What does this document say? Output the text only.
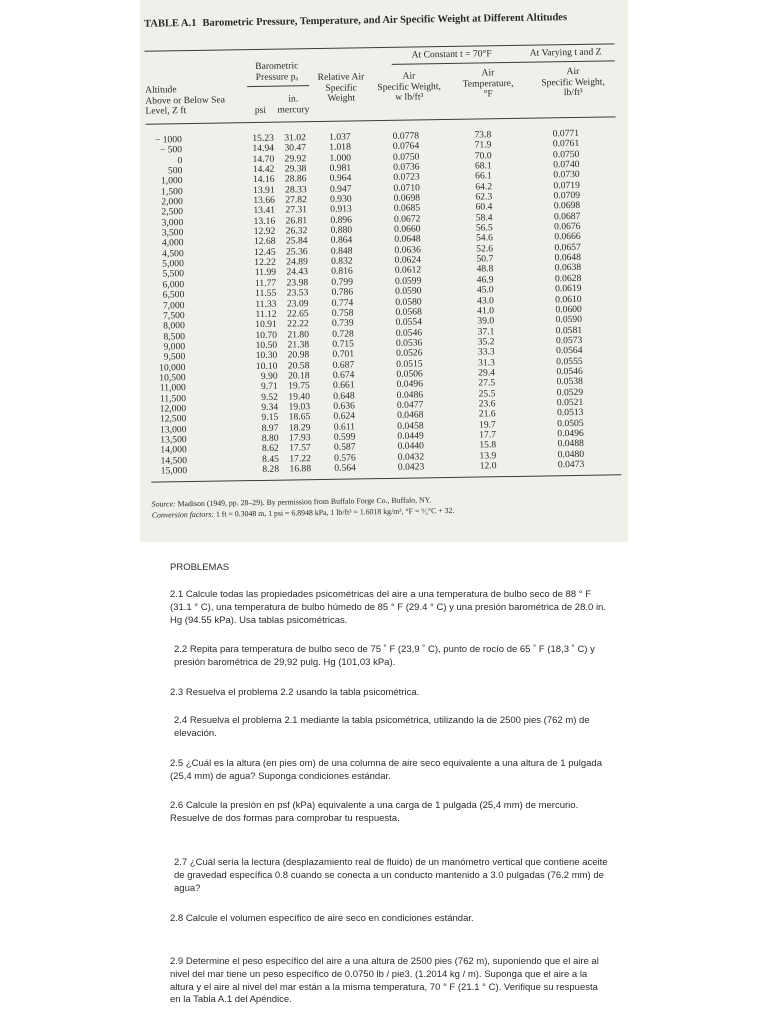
TABLE A.1 Barometric Pressure, Temperature, and Air Specific Weight at Different Altitudes
At Constant t = 70°F	At Varying t and Z
Barometric
Pressure pₐ
psi
in.
mercury
Altitude
Above or Below Sea
Level, Z ft
Relative Air
Specific
Weight
Air
Specific Weight,
w lb/ft³
Air
Temperature,
°F
Air
Specific Weight,
lb/ft³
− 1000
− 500
0
500
1,000
1,500
2,000
2,500
3,000
3,500
4,000
4,500
5,000
5,500
6,000
6,500
7,000
7,500
8,000
8,500
9,000
9,500
10,000
10,500
11,000
11,500
12,000
12,500
13,000
13,500
14,000
14,500
15,000
15.23
14.94
14.70
14.42
14.16
13.91
13.66
13.41
13.16
12.92
12.68
12.45
12.22
11.99
11.77
11.55
11.33
11.12
10.91
10.70
10.50
10.30
10.10
9.90
9.71
9.52
9.34
9.15
8.97
8.80
8.62
8.45
8.28
31.02
30.47
29.92
29.38
28.86
28.33
27.82
27.31
26.81
26.32
25.84
25.36
24.89
24.43
23.98
23.53
23.09
22.65
22.22
21.80
21.38
20.98
20.58
20.18
19.75
19.40
19.03
18.65
18.29
17.93
17.57
17.22
16.88
1.037
1.018
1.000
0.981
0.964
0.947
0.930
0.913
0.896
0.880
0.864
0.848
0.832
0.816
0.799
0.786
0.774
0.758
0.739
0.728
0.715
0.701
0.687
0.674
0.661
0.648
0.636
0.624
0.611
0.599
0.587
0.576
0.564
0.0778
0.0764
0.0750
0.0736
0.0723
0.0710
0.0698
0.0685
0.0672
0.0660
0.0648
0.0636
0.0624
0.0612
0.0599
0.0590
0.0580
0.0568
0.0554
0.0546
0.0536
0.0526
0.0515
0.0506
0.0496
0.0486
0.0477
0.0468
0.0458
0.0449
0.0440
0.0432
0.0423
73.8
71.9
70.0
68.1
66.1
64.2
62.3
60.4
58.4
56.5
54.6
52.6
50.7
48.8
46.9
45.0
43.0
41.0
39.0
37.1
35.2
33.3
31.3
29.4
27.5
25.5
23.6
21.6
19.7
17.7
15.8
13.9
12.0
0.0771
0.0761
0.0750
0.0740
0.0730
0.0719
0.0709
0.0698
0.0687
0.0676
0.0666
0.0657
0.0648
0.0638
0.0628
0.0619
0.0610
0.0600
0.0590
0.0581
0.0573
0.0564
0.0555
0.0546
0.0538
0.0529
0.0521
0.0513
0.0505
0.0496
0.0488
0.0480
0.0473
Source: Madison (1949, pp. 28–29). By permission from Buffalo Forge Co., Buffalo, NY.
Conversion factors: 1 ft = 0.3048 m, 1 psi = 6.8948 kPa, 1 lb/ft³ = 1.6018 kg/m³, °F = ⁹⁄₅°C + 32.
PROBLEMAS
2.1 Calcule todas las propiedades psicométricas del aire a una temperatura de bulbo seco de 88 ° F (31.1 ° C), una temperatura de bulbo húmedo de 85 ° F (29.4 ° C) y una presión barométrica de 28.0 in. Hg (94.55 kPa). Usa tablas psicométricas.
2.2 Repita para temperatura de bulbo seco de 75 ˚ F (23,9 ˚ C), punto de rocío de 65 ˚ F (18,3 ˚ C) y presión barométrica de 29,92 pulg. Hg (101,03 kPa).
2.3 Resuelva el problema 2.2 usando la tabla psicométrica.
2.4 Resuelva el problema 2.1 mediante la tabla psicométrica, utilizando la de 2500 pies (762 m) de elevación.
2.5 ¿Cuál es la altura (en pies om) de una columna de aire seco equivalente a una altura de 1 pulgada (25,4 mm) de agua? Suponga condiciones estándar.
2.6 Calcule la presión en psf (kPa) equivalente a una carga de 1 pulgada (25,4 mm) de mercurio. Resuelve de dos formas para comprobar tu respuesta.
2.7 ¿Cuál sería la lectura (desplazamiento real de fluido) de un manómetro vertical que contiene aceite de gravedad específica 0.8 cuando se conecta a un conducto mantenido a 3.0 pulgadas (76.2 mm) de agua?
2.8 Calcule el volumen específico de aire seco en condiciones estándar.
2.9 Determine el peso específico del aire a una altura de 2500 pies (762 m), suponiendo que el aire al nivel del mar tiene un peso específico de 0.0750 lb / pie3. (1.2014 kg / m). Suponga que el aire a la altura y el aire al nivel del mar están a la misma temperatura, 70 ° F (21.1 ° C). Verifique su respuesta en la Tabla A.1 del Apéndice.
